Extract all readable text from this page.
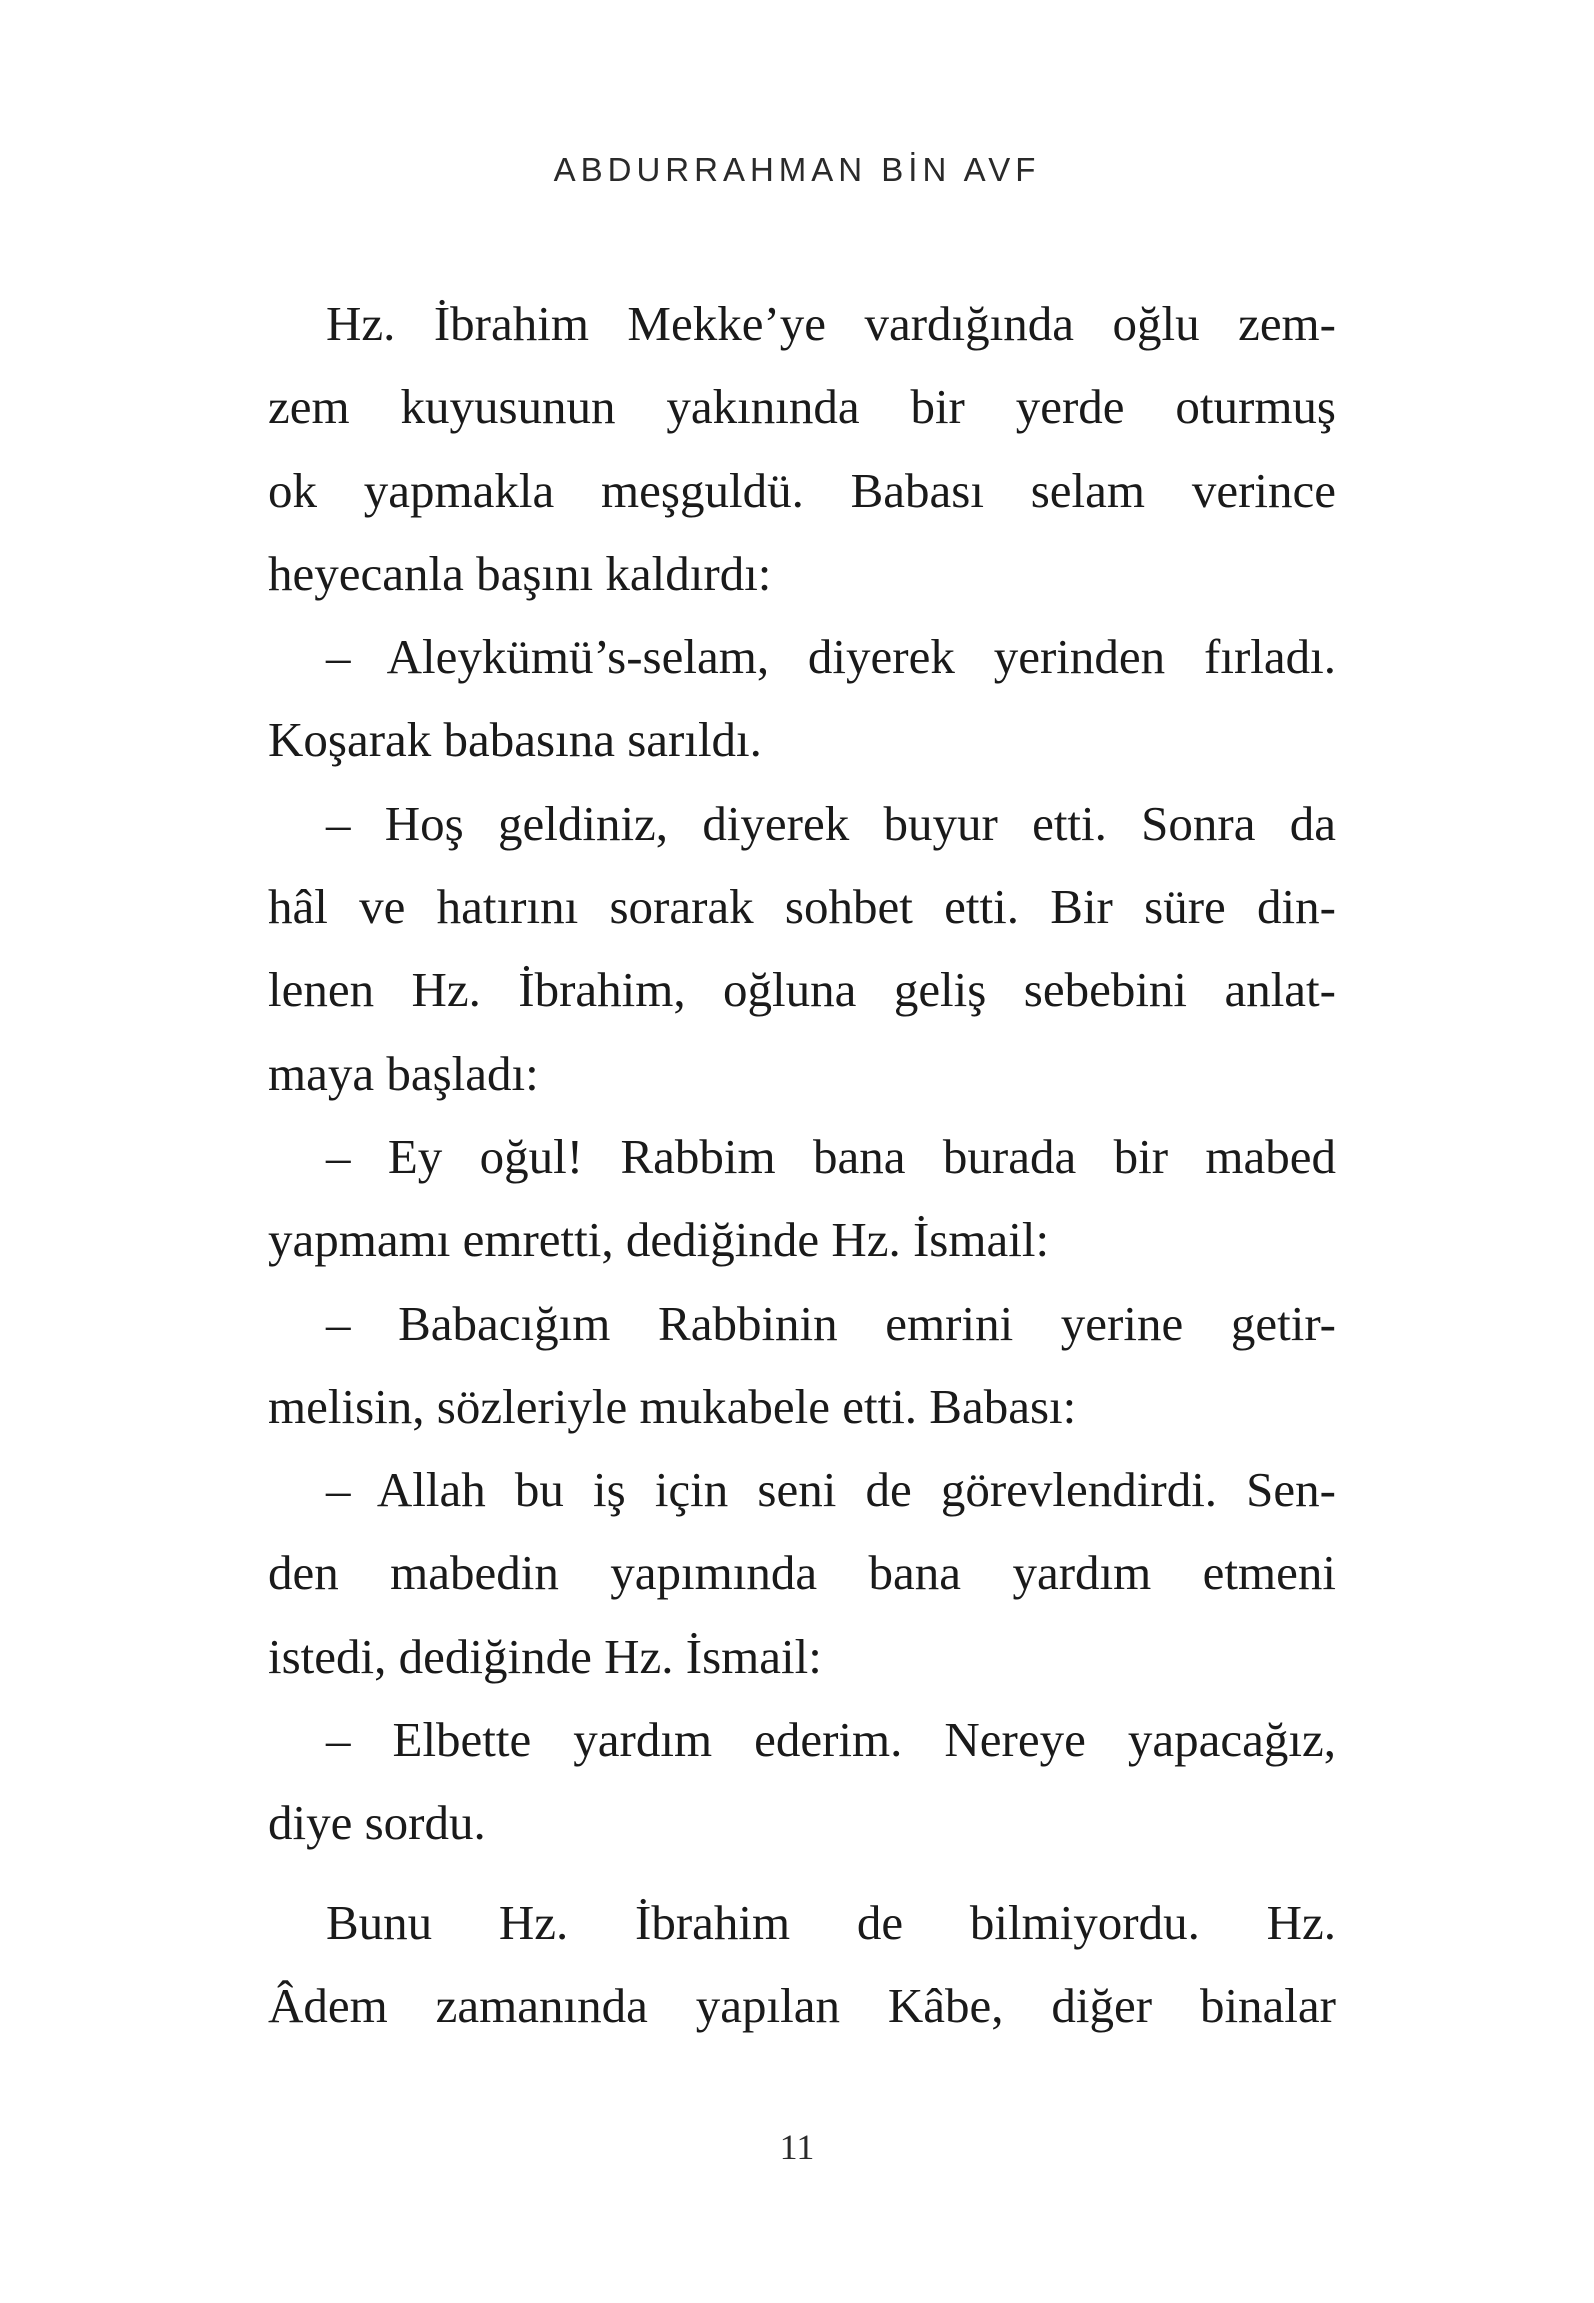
ABDURRAHMAN BİN AVF
Hz. İbrahim Mekke’ye vardığında oğlu zem-
zem kuyusunun yakınında bir yerde oturmuş
ok yapmakla meşguldü. Babası selam verince
heyecanla başını kaldırdı:
– Aleykümü’s-selam, diyerek yerinden fırladı.
Koşarak babasına sarıldı.
– Hoş geldiniz, diyerek buyur etti. Sonra da
hâl ve hatırını sorarak sohbet etti. Bir süre din-
lenen Hz. İbrahim, oğluna geliş sebebini anlat-
maya başladı:
– Ey oğul! Rabbim bana burada bir mabed
yapmamı emretti, dediğinde Hz. İsmail:
– Babacığım Rabbinin emrini yerine getir-
melisin, sözleriyle mukabele etti. Babası:
– Allah bu iş için seni de görevlendirdi. Sen-
den mabedin yapımında bana yardım etmeni
istedi, dediğinde Hz. İsmail:
– Elbette yardım ederim. Nereye yapacağız,
diye sordu.
Bunu Hz. İbrahim de bilmiyordu. Hz.
Âdem zamanında yapılan Kâbe, diğer binalar
11
